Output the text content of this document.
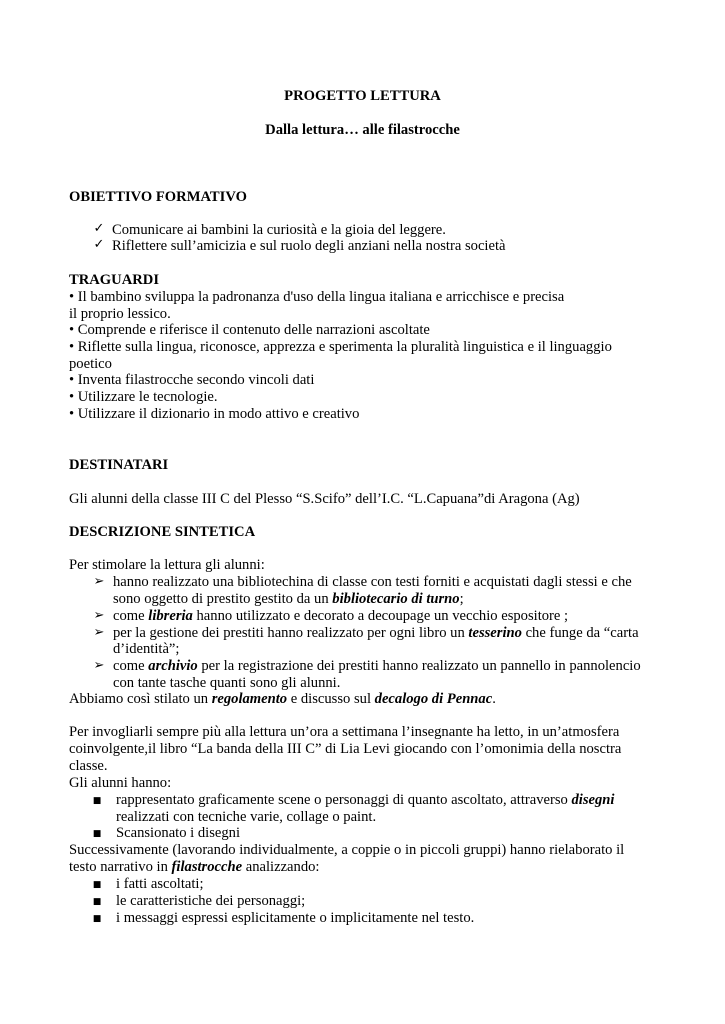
PROGETTO LETTURA
Dalla lettura… alle filastrocche
OBIETTIVO FORMATIVO
✓ Comunicare ai bambini la curiosità e la gioia del leggere.
✓ Riflettere sull’amicizia e sul ruolo degli anziani nella nostra società
TRAGUARDI
• Il bambino sviluppa la padronanza d'uso della lingua italiana e arricchisce e precisa
il proprio lessico.
• Comprende e riferisce il contenuto delle narrazioni ascoltate
• Riflette sulla lingua, riconosce, apprezza e sperimenta la pluralità linguistica e il linguaggio
poetico
• Inventa filastrocche secondo vincoli dati
• Utilizzare le tecnologie.
• Utilizzare il dizionario in modo attivo e creativo
DESTINATARI
Gli alunni della classe III C del Plesso “S.Scifo” dell’I.C. “L.Capuana”di Aragona (Ag)
DESCRIZIONE SINTETICA
Per stimolare la lettura gli alunni:
➢ hanno realizzato una bibliotechina di classe con testi forniti e acquistati dagli stessi e che
sono oggetto di prestito gestito da un bibliotecario di turno;
➢ come libreria hanno utilizzato e decorato a decoupage un vecchio espositore ;
➢ per la gestione dei prestiti hanno realizzato per ogni libro un tesserino che funge da “carta
d’identità”;
➢ come archivio per la registrazione dei prestiti hanno realizzato un pannello in pannolencio
con tante tasche quanti sono gli alunni.
Abbiamo così stilato un regolamento e discusso sul decalogo di Pennac.
Per invogliarli sempre più alla lettura un’ora a settimana l’insegnante ha letto, in un’atmosfera
coinvolgente,il libro “La banda della III C” di Lia Levi giocando con l’omonimia della nosctra
classe.
Gli alunni hanno:
■ rappresentato graficamente scene o personaggi di quanto ascoltato, attraverso disegni
realizzati con tecniche varie, collage o paint.
■ Scansionato i disegni
Successivamente (lavorando individualmente, a coppie o in piccoli gruppi) hanno rielaborato il
testo narrativo in filastrocche analizzando:
■ i fatti ascoltati;
■ le caratteristiche dei personaggi;
■ i messaggi espressi esplicitamente o implicitamente nel testo.
